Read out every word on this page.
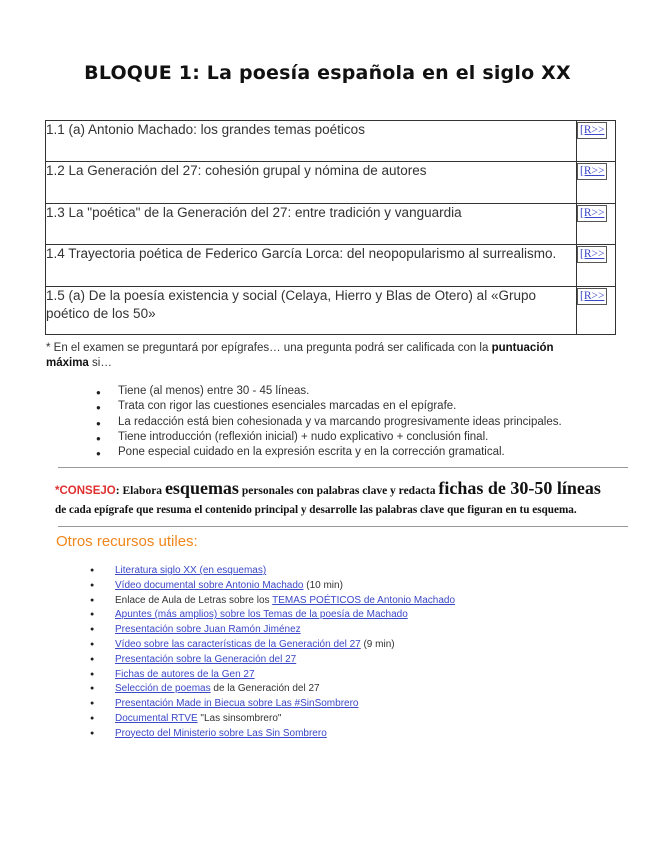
BLOQUE 1: La poesía española en el siglo XX
1.1 (a) Antonio Machado: los grandes temas poéticos	[R>>
1.2 La Generación del 27: cohesión grupal y nómina de autores	[R>>
1.3 La "poética" de la Generación del 27: entre tradición y vanguardia	[R>>
1.4 Trayectoria poética de Federico García Lorca: del neopopularismo al surrealismo.	[R>>
1.5 (a) De la poesía existencia y social (Celaya, Hierro y Blas de Otero) al «Grupo poético de los 50»	[R>>
* En el examen se preguntará por epígrafes… una pregunta podrá ser calificada con la puntuación máxima si…
● Tiene (al menos) entre 30 - 45 líneas.
● Trata con rigor las cuestiones esenciales marcadas en el epígrafe.
● La redacción está bien cohesionada y va marcando progresivamente ideas principales.
● Tiene introducción (reflexión inicial) + nudo explicativo + conclusión final.
● Pone especial cuidado en la expresión escrita y en la corrección gramatical.
*CONSEJO: Elabora esquemas personales con palabras clave y redacta fichas de 30-50 líneas
de cada epígrafe que resuma el contenido principal y desarrolle las palabras clave que figuran en tu esquema.
Otros recursos utiles:
● Literatura siglo XX (en esquemas)
● Vídeo documental sobre Antonio Machado (10 min)
● Enlace de Aula de Letras sobre los TEMAS POÉTICOS de Antonio Machado
● Apuntes (más amplios) sobre los Temas de la poesía de Machado
● Presentación sobre Juan Ramón Jiménez
● Vídeo sobre las características de la Generación del 27 (9 min)
● Presentación sobre la Generación del 27
● Fichas de autores de la Gen 27
● Selección de poemas de la Generación del 27
● Presentación Made in Biecua sobre Las #SinSombrero
● Documental RTVE "Las sinsombrero"
● Proyecto del Ministerio sobre Las Sin Sombrero
